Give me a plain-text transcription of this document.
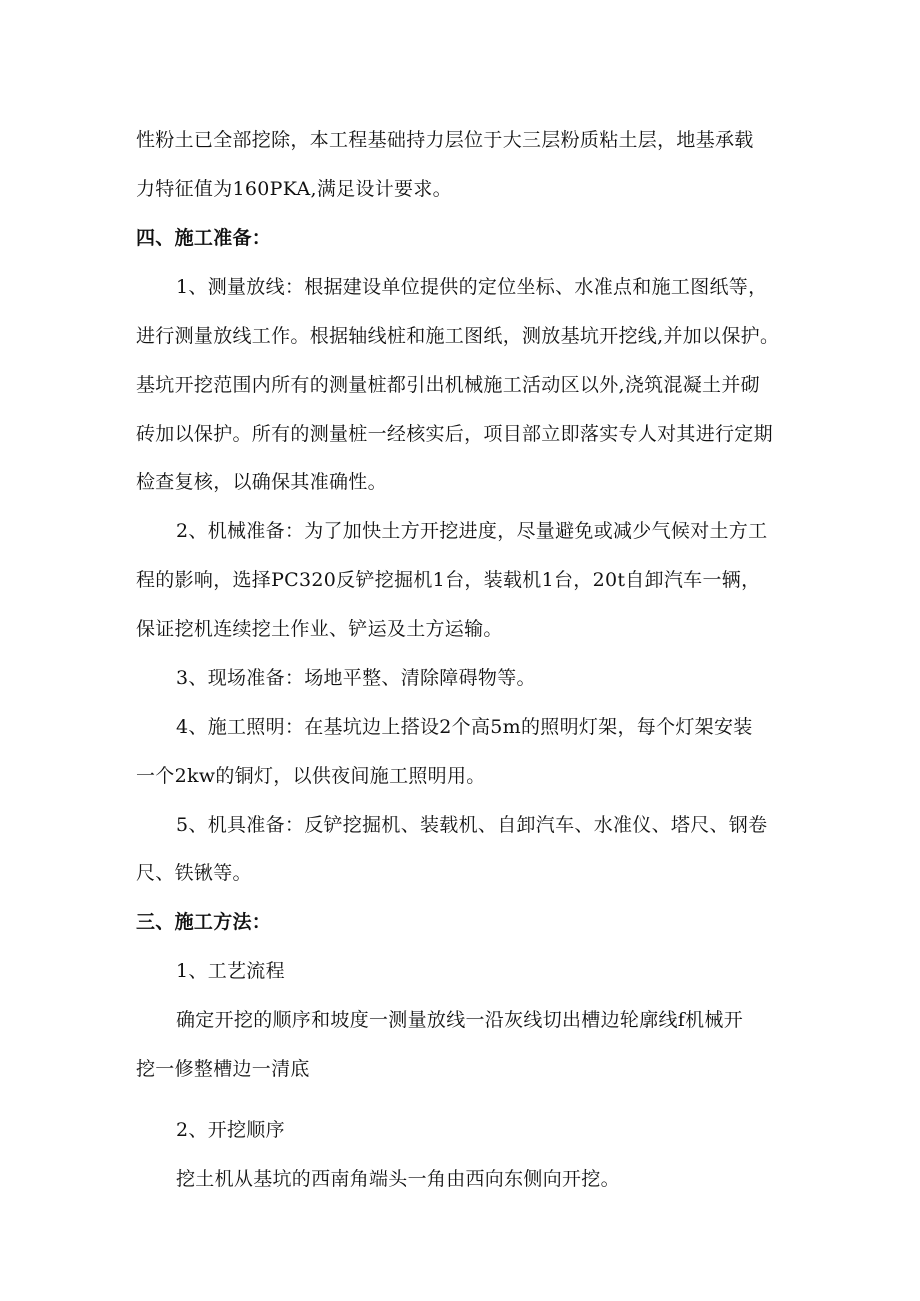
性粉土已全部挖除，本工程基础持力层位于大三层粉质粘土层，地基承载
力特征值为160PKA,满足设计要求。
四、施工准备：
1、测量放线：根据建设单位提供的定位坐标、水准点和施工图纸等，
进行测量放线工作。根据轴线桩和施工图纸，测放基坑开挖线,并加以保护。
基坑开挖范围内所有的测量桩都引出机械施工活动区以外,浇筑混凝土并砌
砖加以保护。所有的测量桩一经核实后，项目部立即落实专人对其进行定期
检查复核，以确保其准确性。
2、机械准备：为了加快土方开挖进度，尽量避免或减少气候对土方工
程的影响，选择PC320反铲挖掘机1台，装载机1台，20t自卸汽车一辆，
保证挖机连续挖土作业、铲运及土方运输。
3、现场准备：场地平整、清除障碍物等。
4、施工照明：在基坑边上搭设2个高5m的照明灯架，每个灯架安装
一个2kw的铜灯，以供夜间施工照明用。
5、机具准备：反铲挖掘机、装载机、自卸汽车、水准仪、塔尺、钢卷
尺、铁锹等。
三、施工方法：
1、工艺流程
确定开挖的顺序和坡度一测量放线一沿灰线切出槽边轮廓线f机械开
挖一修整槽边一清底
2、开挖顺序
挖土机从基坑的西南角端头一角由西向东侧向开挖。
